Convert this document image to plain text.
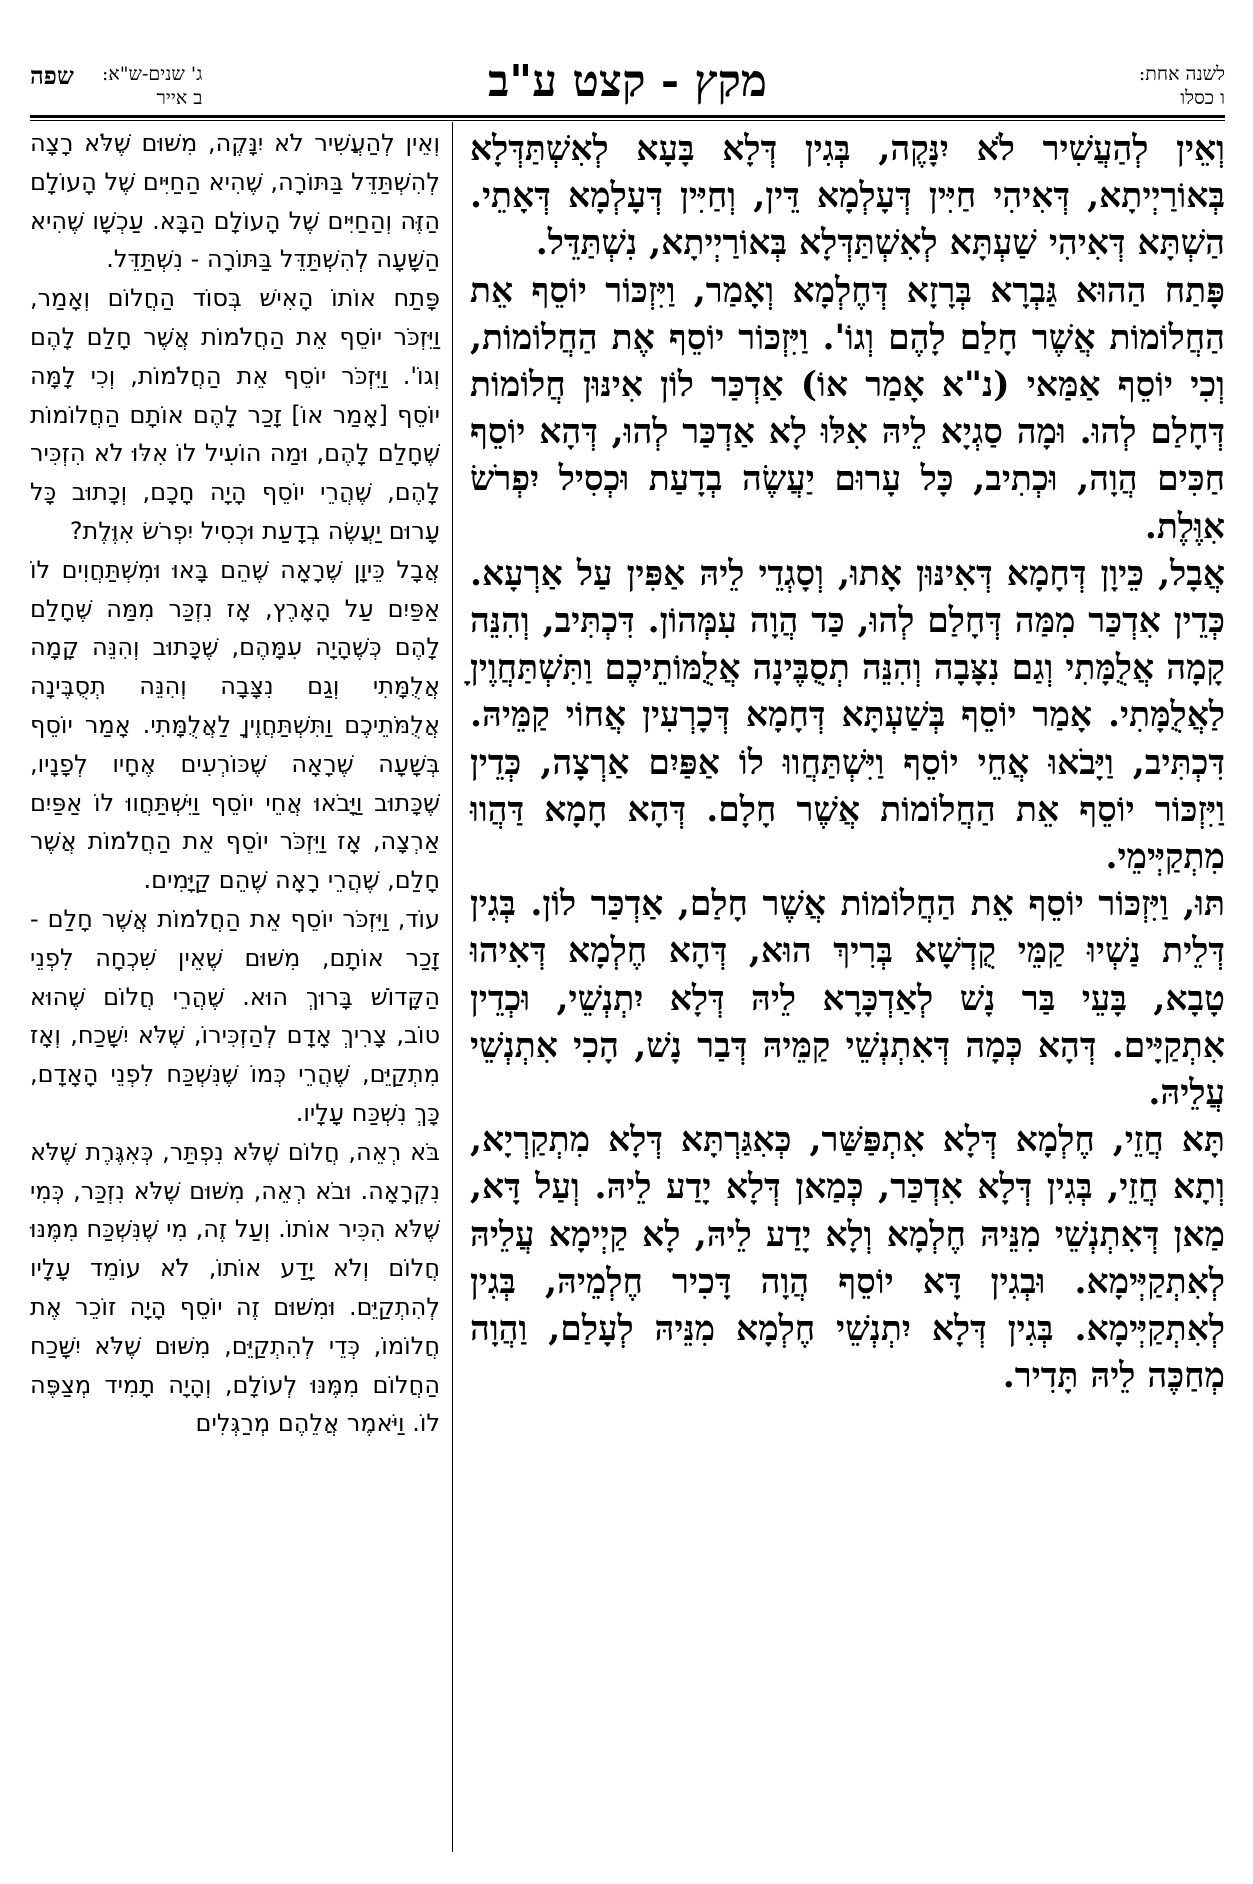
לשנה אחת:
ו כסלו
מקץ - קצט ע"ב
ג' שנים-ש"א:
ב אייר
שפה

וְאֵין לְהַעֲשִׁיר לֹא יִנָּקֶה, בְּגִין דְּלָא בָּעָא לְאִשְׁתַּדְּלָא בְּאוֹרַיְיתָא, דְּאִיהִי חַיִּין דְּעָלְמָא דֵּין, וְחַיִּין דְּעָלְמָא דְּאָתֵי. הַשְׁתָּא דְּאִיהִי שַׁעְתָּא לְאִשְׁתַּדְּלָא בְּאוֹרַיְיתָא, נִשְׁתַּדֵּל.

פָּתַח הַהוּא גַּבְרָא בְּרָזָא דְּחֶלְמָא וְאָמַר, וַיִּזְכּוֹר יוֹסֵף אֵת הַחֲלוֹמוֹת אֲשֶׁר חָלַם לָהֶם וְגוֹ'. וַיִּזְכּוֹר יוֹסֵף אֶת הַחֲלוֹמוֹת, וְכִי יוֹסֵף אַמַּאי (נ"א אָמַר אוֹ) אַדְכַּר לוֹן אִינּוּן חֲלוֹמוֹת דְּחָלַם לְהוּ. וּמָה סַגְיָא לֵיהּ אִלּוּ לָא אַדְכַּר לְהוּ, דְּהָא יוֹסֵף חַכִּים הֲוָה, וּכְתִיב, כָּל עָרוּם יַעֲשֶׂה בְדָעַת וּכְסִיל יִפְרֹשׂ אִוֶּלֶת.

אֲבָל, כֵּיוָן דְּחָמָא דְּאִינּוּן אָתוּ, וְסָגְדֵי לֵיהּ אַפִּין עַל אַרְעָא. כְּדֵין אִדְכַּר מִמַּה דְּחָלַם לְהוּ, כַּד הֲוָה עִמְּהוֹן. דִּכְתִּיב, וְהִנֵּה קָמָה אֲלֻמָּתִי וְגַם נִצָּבָה וְהִנֵּה תְסֻבֶּינָה אֲלֻמּוֹתֵיכֶם וַתִּשְׁתַּחֲוֶיןָ לַאֲלֻמָּתִי. אָמַר יוֹסֵף בְּשַׁעְתָּא דְּחָמָא דְּכָרְעִין אֲחוֹי קַמֵּיהּ. דִּכְתִּיב, וַיָּבֹאוּ אֲחֵי יוֹסֵף וַיִּשְׁתַּחֲווּ לוֹ אַפַּיִם אַרְצָה, כְּדֵין וַיִּזְכּוֹר יוֹסֵף אֵת הַחֲלוֹמוֹת אֲשֶׁר חָלָם. דְּהָא חָמָא דַּהֲווּ מִתְקַיְּימֵי.

תּוּ, וַיִּזְכּוֹר יוֹסֵף אֵת הַחֲלוֹמוֹת אֲשֶׁר חָלַם, אַדְכַּר לוֹן. בְּגִין דְּלֵית נַשְׁיוּ קַמֵּי קֻדְשָׁא בְּרִיךְ הוּא, דְּהָא חֶלְמָא דְּאִיהוּ טָבָא, בָּעֵי בַּר נָשׁ לְאַדְכָּרָא לֵיהּ דְּלָא יִתְנְשֵׁי, וּכְדֵין אִתְקַיָּים. דְּהָא כְּמָה דְּאִתְנְשֵׁי קַמֵּיהּ דְּבַר נָשׁ, הָכִי אִתְנְשֵׁי עֲלֵיהּ.

תָּא חֲזֵי, חֶלְמָא דְּלָא אִתְפַּשַּׁר, כְּאִגַּרְתָּא דְּלָא מִתְקַרְיָא, וְתָא חֲזֵי, בְּגִין דְּלָא אִדְכַּר, כְּמַאן דְּלָא יָדַע לֵיהּ. וְעַל דָּא, מַאן דְּאִתְנְשֵׁי מִנֵּיהּ חֶלְמָא וְלָא יָדַע לֵיהּ, לָא קַיְימָא עֲלֵיהּ לְאִתְקַיְּימָא. וּבְגִין דָּא יוֹסֵף הֲוָה דָּכִיר חֶלְמֵיהּ, בְּגִין לְאִתְקַיְּימָא. בְּגִין דְּלָא יִתְנְשֵׁי חֶלְמָא מִנֵּיהּ לְעָלַם, וַהֲוָה מְחַכֶּה לֵיהּ תָּדִיר.

וְאֵין לְהַעֲשִׁיר לֹא יִנָּקֶה, מִשּׁוּם שֶׁלֹּא רָצָה לְהִשְׁתַּדֵּל בַּתּוֹרָה, שֶׁהִיא הַחַיִּים שֶׁל הָעוֹלָם הַזֶּה וְהַחַיִּים שֶׁל הָעוֹלָם הַבָּא. עַכְשָׁו שֶׁהִיא הַשָּׁעָה לְהִשְׁתַּדֵּל בַּתּוֹרָה - נִשְׁתַּדֵּל.

פָּתַח אוֹתוֹ הָאִישׁ בְּסוֹד הַחֲלוֹם וְאָמַר, וַיִּזְכֹּר יוֹסֵף אֵת הַחֲלֹמוֹת אֲשֶׁר חָלַם לָהֶם וְגוֹ'. וַיִּזְכֹּר יוֹסֵף אֵת הַחֲלֹמוֹת, וְכִי לָמָּה יוֹסֵף [אָמַר אוֹ] זָכַר לָהֶם אוֹתָם הַחֲלוֹמוֹת שֶׁחָלַם לָהֶם, וּמַה הוֹעִיל לוֹ אִלּוּ לֹא הִזְכִּיר לָהֶם, שֶׁהֲרֵי יוֹסֵף הָיָה חָכָם, וְכָתוּב כָּל עָרוּם יַעֲשֶׂה בְדָעַת וּכְסִיל יִפְרֹשׂ אִוֶּלֶת?

אֲבָל כֵּיוָן שֶׁרָאָה שֶׁהֵם בָּאוּ וּמִשְׁתַּחֲוִים לוֹ אַפַּיִם עַל הָאָרֶץ, אָז נִזְכַּר מִמַּה שֶּׁחָלַם לָהֶם כְּשֶׁהָיָה עִמָּהֶם, שֶׁכָּתוּב וְהִנֵּה קָמָה אֲלֻמָּתִי וְגַם נִצָּבָה וְהִנֵּה תְסֻבֶּינָה אֲלֻמֹּתֵיכֶם וַתִּשְׁתַּחֲוֶיןָ לַאֲלֻמָּתִי. אָמַר יוֹסֵף בְּשָׁעָה שֶׁרָאָה שֶׁכּוֹרְעִים אֶחָיו לְפָנָיו, שֶׁכָּתוּב וַיָּבֹאוּ אֲחֵי יוֹסֵף וַיִּשְׁתַּחֲווּ לוֹ אַפַּיִם אַרְצָה, אָז וַיִּזְכֹּר יוֹסֵף אֵת הַחֲלֹמוֹת אֲשֶׁר חָלַם, שֶׁהֲרֵי רָאָה שֶׁהֵם קַיָּמִים.

עוֹד, וַיִּזְכֹּר יוֹסֵף אֵת הַחֲלֹמוֹת אֲשֶׁר חָלַם - זָכַר אוֹתָם, מִשּׁוּם שֶׁאֵין שִׁכְחָה לִפְנֵי הַקָּדוֹשׁ בָּרוּךְ הוּא. שֶׁהֲרֵי חֲלוֹם שֶׁהוּא טוֹב, צָרִיךְ אָדָם לְהַזְכִּירוֹ, שֶׁלֹּא יִשָּׁכַח, וְאָז מִתְקַיֵּם, שֶׁהֲרֵי כְּמוֹ שֶׁנִּשְׁכַּח לִפְנֵי הָאָדָם, כָּךְ נִשְׁכַּח עָלָיו.

בֹּא רְאֵה, חֲלוֹם שֶׁלֹּא נִפְתַּר, כְּאִגֶּרֶת שֶׁלֹּא נִקְרָאָה. וּבֹא רְאֵה, מִשּׁוּם שֶׁלֹּא נִזְכַּר, כְּמִי שֶׁלֹּא הִכִּיר אוֹתוֹ. וְעַל זֶה, מִי שֶׁנִּשְׁכַּח מִמֶּנּוּ חֲלוֹם וְלֹא יָדַע אוֹתוֹ, לֹא עוֹמֵד עָלָיו לְהִתְקַיֵּם. וּמִשּׁוּם זֶה יוֹסֵף הָיָה זוֹכֵר אֶת חֲלוֹמוֹ, כְּדֵי לְהִתְקַיֵּם, מִשּׁוּם שֶׁלֹּא יִשָּׁכַח הַחֲלוֹם מִמֶּנּוּ לְעוֹלָם, וְהָיָה תָמִיד מְצַפֶּה לוֹ. וַיֹּאמֶר אֲלֵהֶם מְרַגְּלִים
